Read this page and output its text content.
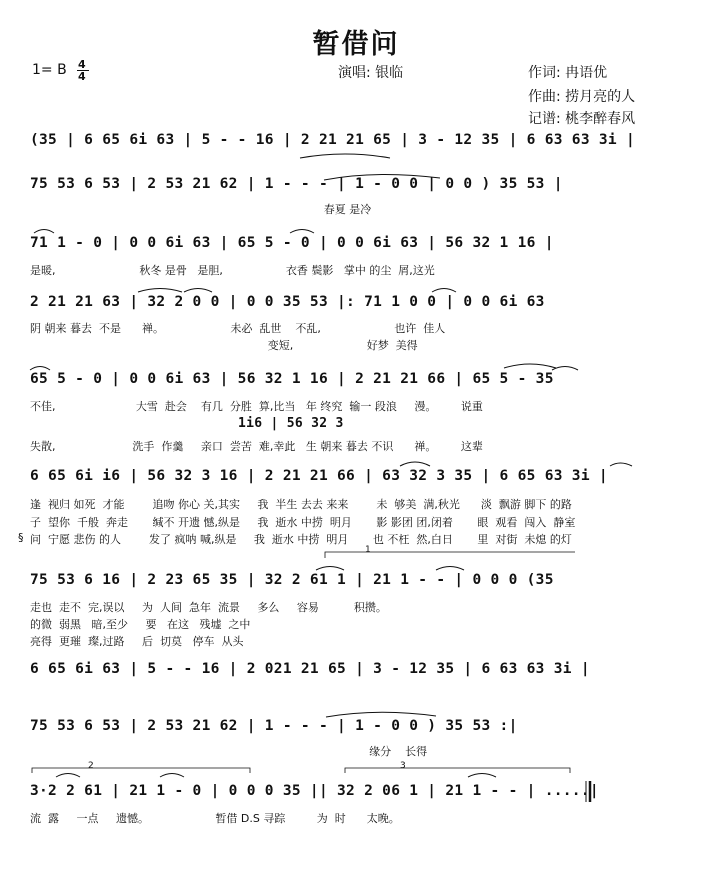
暂借问
1= B 4
4	演唱: 银临	作词: 冉语优
作曲: 捞月亮的人
记谱: 桃李醉春风
(35 | 6 65 6i 63 | 5 - - 16 | 2 21 21 65 | 3 - 12 35 | 6 63 63 3i |
75 53 6 53 | 2 53 21 62 | 1 - - - | 1 - 0 0 | 0 0 ) 35 53 |
春夏 是冷
71 1 - 0 | 0 0 6i 63 | 65 5 - 0 | 0 0 6i 63 | 56 32 1 16 |
是暖,                        秋冬 是骨   是胆,                  衣香 鬓影   掌中 的尘  屑,这光
2 21 21 63 | 32 2 0 0 | 0 0 35 53 |: 71 1 0 0 | 0 0 6i 63
阴 朝来 暮去  不是      禅。                   未必  乱世    不乱,                     也许  佳人
变短,                     好梦  美得
65 5 - 0 | 0 0 6i 63 | 56 32 1 16 | 2 21 21 66 | 65 5 - 35
不佳,                       大雪  赴会    有几  分胜  算,比当   年 终究  输一 段浪     漫。       说重
1i6 | 56 32 3
失散,                      洗手  作羹     亲口  尝苦  难,幸此   生 朝来 暮去 不识      禅。       这辈
6 65 6i i6 | 56 32 3 16 | 2 21 21 66 | 63 32 3 35 | 6 65 63 3i |
逢  视归 如死  才能        追吻 你心 关,其实     我  半生 去去 来来        未  够美  满,秋光      淡  飘游 脚下 的路
子  望你  千般  奔走       缄不 开遗 憾,纵是     我  逝水 中捞  明月       影 影团 团,闭着       眼  观看  闯入  静室
§ 问  宁愿 悲伤 的人        发了 疯呐 喊,纵是     我  逝水 中捞  明月       也 不枉  然,白日       里  对街  未熄 的灯
1
75 53 6 16 | 2 23 65 35 | 32 2 61 1 | 21 1 - - | 0 0 0 (35
走也  走不  完,误以     为  人间  急年  流景     多么     容易          积攒。
的微  弱黑   暗,至少     要   在这   残墟  之中
亮得  更璀  璨,过路     后  切莫   停车  从头
6 65 6i 63 | 5 - - 16 | 2 021 21 65 | 3 - 12 35 | 6 63 63 3i |
75 53 6 53 | 2 53 21 62 | 1 - - - | 1 - 0 0 ) 35 53 :|
缘分    长得
2	3
3·2 2 61 | 21 1 - 0 | 0 0 0 35 || 32 2 06 1 | 21 1 - - | .....|
流  露     一点     遗憾。                   暂借 D.S 寻踪         为  时      太晚。
